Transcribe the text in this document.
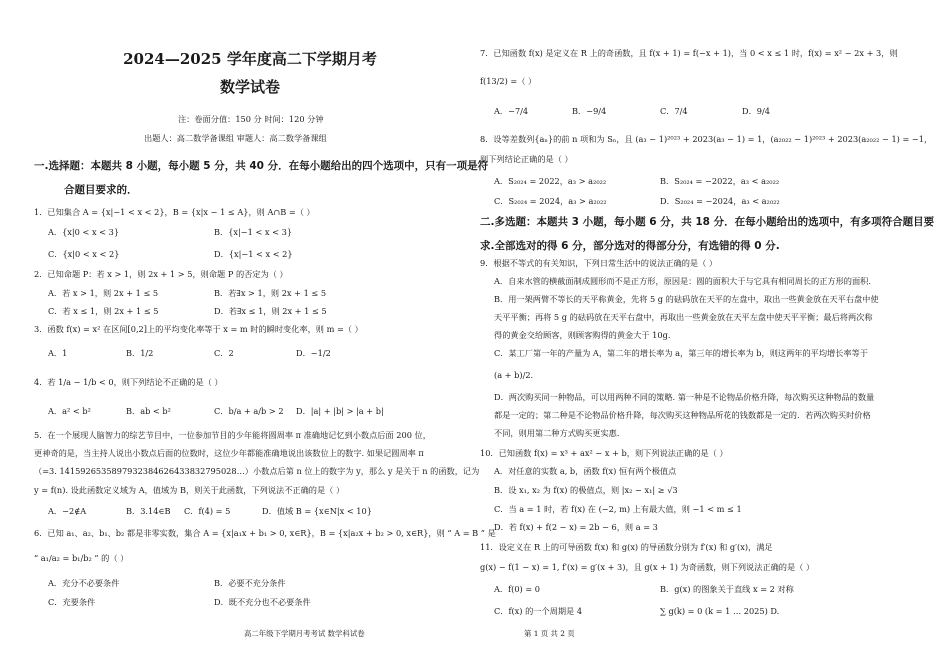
2024—2025 学年度高二下学期月考
数学试卷
注：卷面分值：150 分 时间：120 分钟
出题人：高二数学备课组 审题人：高二数学备课组
一.选择题：本题共 8 小题，每小题 5 分，共 40 分．在每小题给出的四个选项中，只有一项是符
合题目要求的．
1．已知集合 A = {x|−1 < x < 2}，B = {x|x − 1 ≤ A}，则 A∩B =（ ）
A．{x|0 < x < 3}	B．{x|−1 < x < 3}
C．{x|0 < x < 2}	D．{x|−1 < x < 2}
2．已知命题 P：若 x > 1，则 2x + 1 > 5，则命题 P 的否定为（ ）
A．若 x > 1，则 2x + 1 ≤ 5	B．若∃x > 1，则 2x + 1 ≤ 5
C．若 x ≤ 1，则 2x + 1 ≤ 5	D．若∃x ≤ 1，则 2x + 1 ≤ 5
3．函数 f(x) = x² 在区间[0,2]上的平均变化率等于 x = m 时的瞬时变化率，则 m =（ ）
A．1	B．1/2	C．2	D．−1/2
4．若 1/a − 1/b < 0，则下列结论不正确的是（ ）
A．a² < b²	B．ab < b²	C．b/a + a/b > 2 D．|a| + |b| > |a + b|
5．在一个展现人脑智力的综艺节目中，一位参加节目的少年能将圆周率 π 准确地记忆到小数点后面 200 位，
更神奇的是，当主持人说出小数点后面的位数时，这位少年都能准确地说出该数位上的数字. 如果记圆周率 π
（=3. 1415926535897932384626433832795028…）小数点后第 n 位上的数字为 y，那么 y 是关于 n 的函数，记为
y = f(n). 设此函数定义域为 A，值域为 B，则关于此函数，下列说法不正确的是（ ）
A．−2∉A	B．3.14∈B C．f(4) = 5	D．值域 B = {x∈N|x < 10}
6．已知 a₁、a₂、b₁、b₂ 都是非零实数，集合 A = {x|a₁x + b₁ > 0, x∈R}，B = {x|a₂x + b₂ > 0, x∈R}，则 “ A = B ” 是
“ a₁/a₂ = b₁/b₂ ” 的（ ）
A．充分不必要条件	B．必要不充分条件
C．充要条件	D．既不充分也不必要条件
高二年级下学期月考考试 数学科试卷
7．已知函数 f(x) 是定义在 R 上的奇函数，且 f(x + 1) = f(−x + 1)，当 0 < x ≤ 1 时，f(x) = x² − 2x + 3，则
f(13/2) =（ ）
A．−7/4	B．−9/4	C．7/4	D．9/4
8．设等差数列{aₙ}的前 n 项和为 Sₙ，且 (a₃ − 1)²⁰²³ + 2023(a₃ − 1) = 1，(a₂₀₂₂ − 1)²⁰²³ + 2023(a₂₀₂₂ − 1) = −1，
则下列结论正确的是（ ）
A．S₂₀₂₄ = 2022，a₃ > a₂₀₂₂	B．S₂₀₂₄ = −2022，a₃ < a₂₀₂₂
C．S₂₀₂₄ = 2024，a₃ > a₂₀₂₂	D．S₂₀₂₄ = −2024，a₃ < a₂₀₂₂
二.多选题：本题共 3 小题，每小题 6 分，共 18 分．在每小题给出的选项中，有多项符合题目要
求.全部选对的得 6 分，部分选对的得部分分，有选错的得 0 分.
9．根据不等式的有关知识，下列日常生活中的说法正确的是（ ）
A．自来水管的横截面制成圆形而不是正方形，原因是：圆的面积大于与它具有相同周长的正方形的面积.
B．用一架两臂不等长的天平称黄金，先将 5 g 的砝码放在天平的左盘中，取出一些黄金放在天平右盘中使
天平平衡；再将 5 g 的砝码放在天平右盘中，再取出一些黄金放在天平左盘中使天平平衡；最后将两次称
得的黄金交给顾客，则顾客购得的黄金大于 10g.
C．某工厂第一年的产量为 A，第二年的增长率为 a，第三年的增长率为 b，则这两年的平均增长率等于
(a + b)/2.
D．两次购买同一种物品，可以用两种不同的策略. 第一种是不论物品价格升降，每次购买这种物品的数量
都是一定的；第二种是不论物品价格升降，每次购买这种物品所花的钱数都是一定的．若两次购买时价格
不同，则用第二种方式购买更实惠.
10．已知函数 f(x) = x³ + ax² − x + b，则下列说法正确的是（ ）
A．对任意的实数 a, b，函数 f(x) 恒有两个极值点
B．设 x₁, x₂ 为 f(x) 的极值点，则 |x₂ − x₁| ≥ √3
C．当 a = 1 时，若 f(x) 在 (−2, m) 上有最大值，则 −1 < m ≤ 1
D．若 f(x) + f(2 − x) = 2b − 6，则 a = 3
11．设定义在 R 上的可导函数 f(x) 和 g(x) 的导函数分别为 f′(x) 和 g′(x)，满足
g(x) − f(1 − x) = 1, f′(x) = g′(x + 3)，且 g(x + 1) 为奇函数，则下列说法正确的是（ ）
A．f(0) = 0	B．g(x) 的图象关于直线 x = 2 对称
C．f(x) 的一个周期是 4	∑ g(k) = 0 (k = 1 … 2025) D.
第 1 页 共 2 页
